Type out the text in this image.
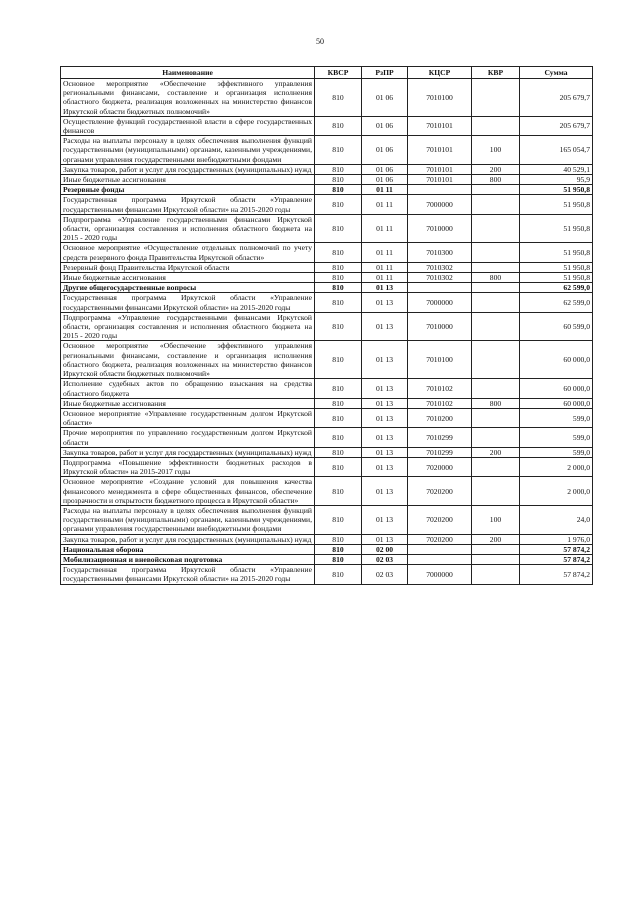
50
Наименование	КВСР	РзПР	КЦСР	КВР	Сумма
Основное мероприятие «Обеспечение эффективного управления региональными финансами, составление и организация исполнения областного бюджета, реализация возложенных на министерство финансов Иркутской области бюджетных полномочий»	810	01 06	7010100		205 679,7
Осуществление функций государственной власти в сфере государственных финансов	810	01 06	7010101		205 679,7
Расходы на выплаты персоналу в целях обеспечения выполнения функций государственными (муниципальными) органами, казенными учреждениями, органами управления государственными внебюджетными фондами	810	01 06	7010101	100	165 054,7
Закупка товаров, работ и услуг для государственных (муниципальных) нужд	810	01 06	7010101	200	40 529,1
Иные бюджетные ассигнования	810	01 06	7010101	800	95,9
Резервные фонды	810	01 11			51 950,8
Государственная программа Иркутской области «Управление государственными финансами Иркутской области» на 2015-2020 годы	810	01 11	7000000		51 950,8
Подпрограмма «Управление государственными финансами Иркутской области, организация составления и исполнения областного бюджета на 2015 - 2020 годы	810	01 11	7010000		51 950,8
Основное мероприятие «Осуществление отдельных полномочий по учету средств резервного фонда Правительства Иркутской области»	810	01 11	7010300		51 950,8
Резервный фонд Правительства Иркутской области	810	01 11	7010302		51 950,8
Иные бюджетные ассигнования	810	01 11	7010302	800	51 950,8
Другие общегосударственные вопросы	810	01 13			62 599,0
Государственная программа Иркутской области «Управление государственными финансами Иркутской области» на 2015-2020 годы	810	01 13	7000000		62 599,0
Подпрограмма «Управление государственными финансами Иркутской области, организация составления и исполнения областного бюджета на 2015 - 2020 годы	810	01 13	7010000		60 599,0
Основное мероприятие «Обеспечение эффективного управления региональными финансами, составление и организация исполнения областного бюджета, реализация возложенных на министерство финансов Иркутской области бюджетных полномочий»	810	01 13	7010100		60 000,0
Исполнение судебных актов по обращению взыскания на средства областного бюджета	810	01 13	7010102		60 000,0
Иные бюджетные ассигнования	810	01 13	7010102	800	60 000,0
Основное мероприятие «Управление государственным долгом Иркутской области»	810	01 13	7010200		599,0
Прочие мероприятия по управлению государственным долгом Иркутской области	810	01 13	7010299		599,0
Закупка товаров, работ и услуг для государственных (муниципальных) нужд	810	01 13	7010299	200	599,0
Подпрограмма «Повышение эффективности бюджетных расходов в Иркутской области» на 2015-2017 годы	810	01 13	7020000		2 000,0
Основное мероприятие «Создание условий для повышения качества финансового менеджмента в сфере общественных финансов, обеспечение прозрачности и открытости бюджетного процесса в Иркутской области»	810	01 13	7020200		2 000,0
Расходы на выплаты персоналу в целях обеспечения выполнения функций государственными (муниципальными) органами, казенными учреждениями, органами управления государственными внебюджетными фондами	810	01 13	7020200	100	24,0
Закупка товаров, работ и услуг для государственных (муниципальных) нужд	810	01 13	7020200	200	1 976,0
Национальная оборона	810	02 00			57 874,2
Мобилизационная и вневойсковая подготовка	810	02 03			57 874,2
Государственная программа Иркутской области «Управление государственными финансами Иркутской области» на 2015-2020 годы	810	02 03	7000000		57 874,2
